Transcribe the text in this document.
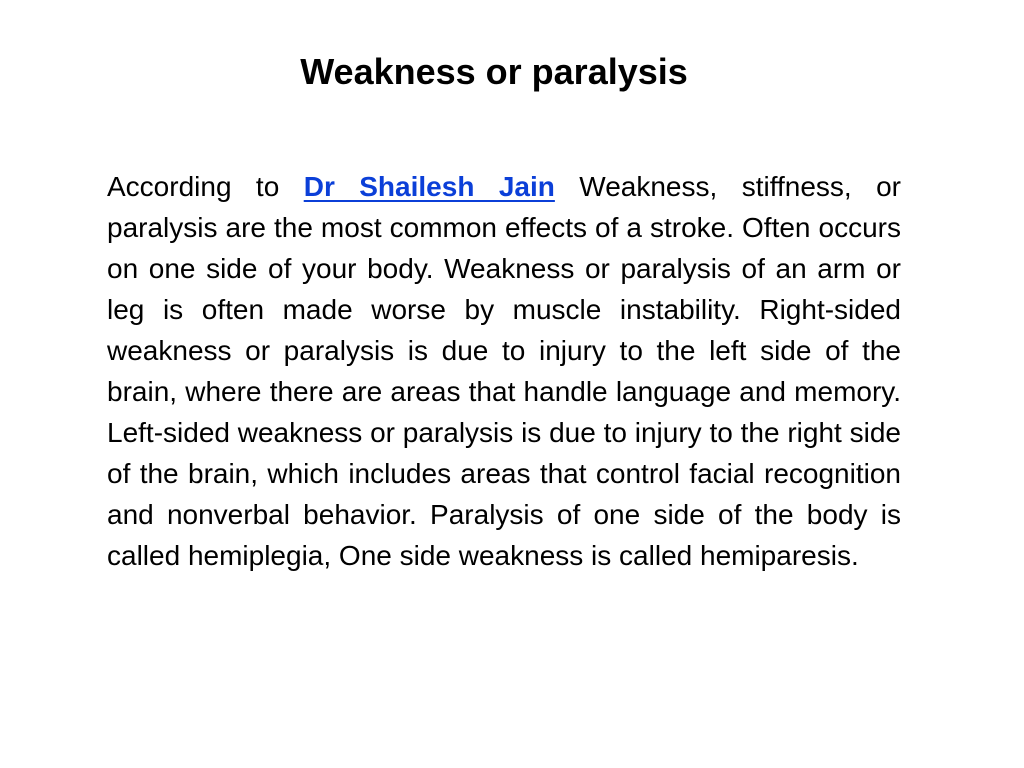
Weakness or paralysis

According to Dr Shailesh Jain Weakness, stiffness, or paralysis are the most common effects of a stroke. Often occurs on one side of your body. Weakness or paralysis of an arm or leg is often made worse by muscle instability. Right-sided weakness or paralysis is due to injury to the left side of the brain, where there are areas that handle language and memory. Left-sided weakness or paralysis is due to injury to the right side of the brain, which includes areas that control facial recognition and nonverbal behavior. Paralysis of one side of the body is called hemiplegia, One side weakness is called hemiparesis.
